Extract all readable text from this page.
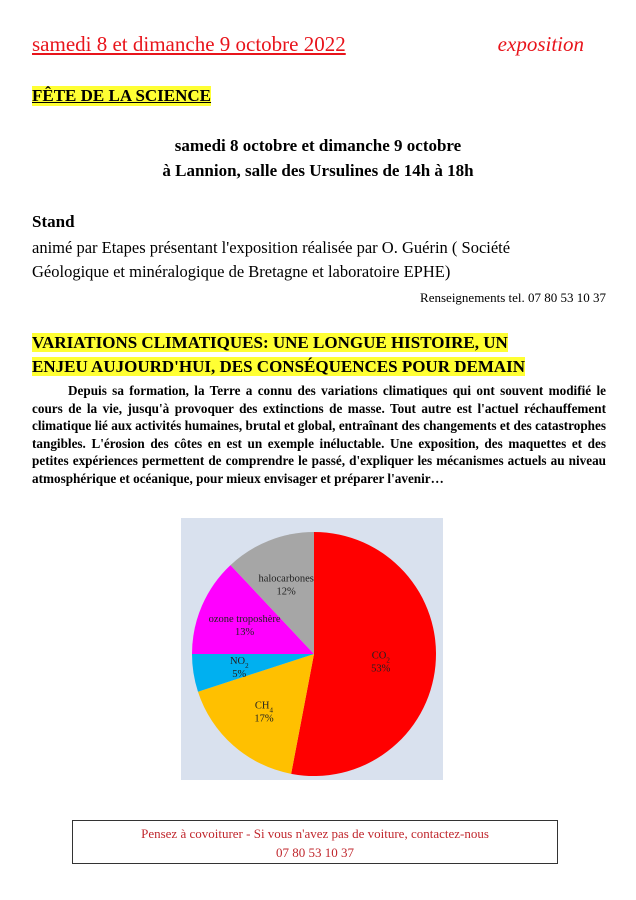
samedi 8 et dimanche 9 octobre 2022	exposition
FÊTE DE LA SCIENCE
samedi 8 octobre et dimanche 9 octobre
à Lannion, salle des Ursulines de 14h à 18h
Stand
animé par Etapes présentant l'exposition réalisée par O. Guérin ( Société
Géologique et minéralogique de Bretagne et laboratoire EPHE)
Renseignements tel. 07 80 53 10 37
VARIATIONS CLIMATIQUES: UNE LONGUE HISTOIRE, UN
ENJEU AUJOURD'HUI, DES CONSÉQUENCES POUR DEMAIN
Depuis sa formation, la Terre a connu des variations climatiques qui ont souvent modifié le cours de la vie, jusqu'à provoquer des extinctions de masse. Tout autre est l'actuel réchauffement climatique lié aux activités humaines, brutal et global, entraînant des changements et des catastrophes tangibles. L'érosion des côtes en est un exemple inéluctable. Une exposition, des maquettes et des petites expériences permettent de comprendre le passé, d'expliquer les mécanismes actuels au niveau atmosphérique et océanique, pour mieux envisager et préparer l'avenir…
$CO_2$
53%
$CH_4$
17%
$NO_2$
5%
ozone troposhère
13%
halocarbones
12%
Pensez à covoiturer - Si vous n'avez pas de voiture, contactez-nous
07 80 53 10 37
